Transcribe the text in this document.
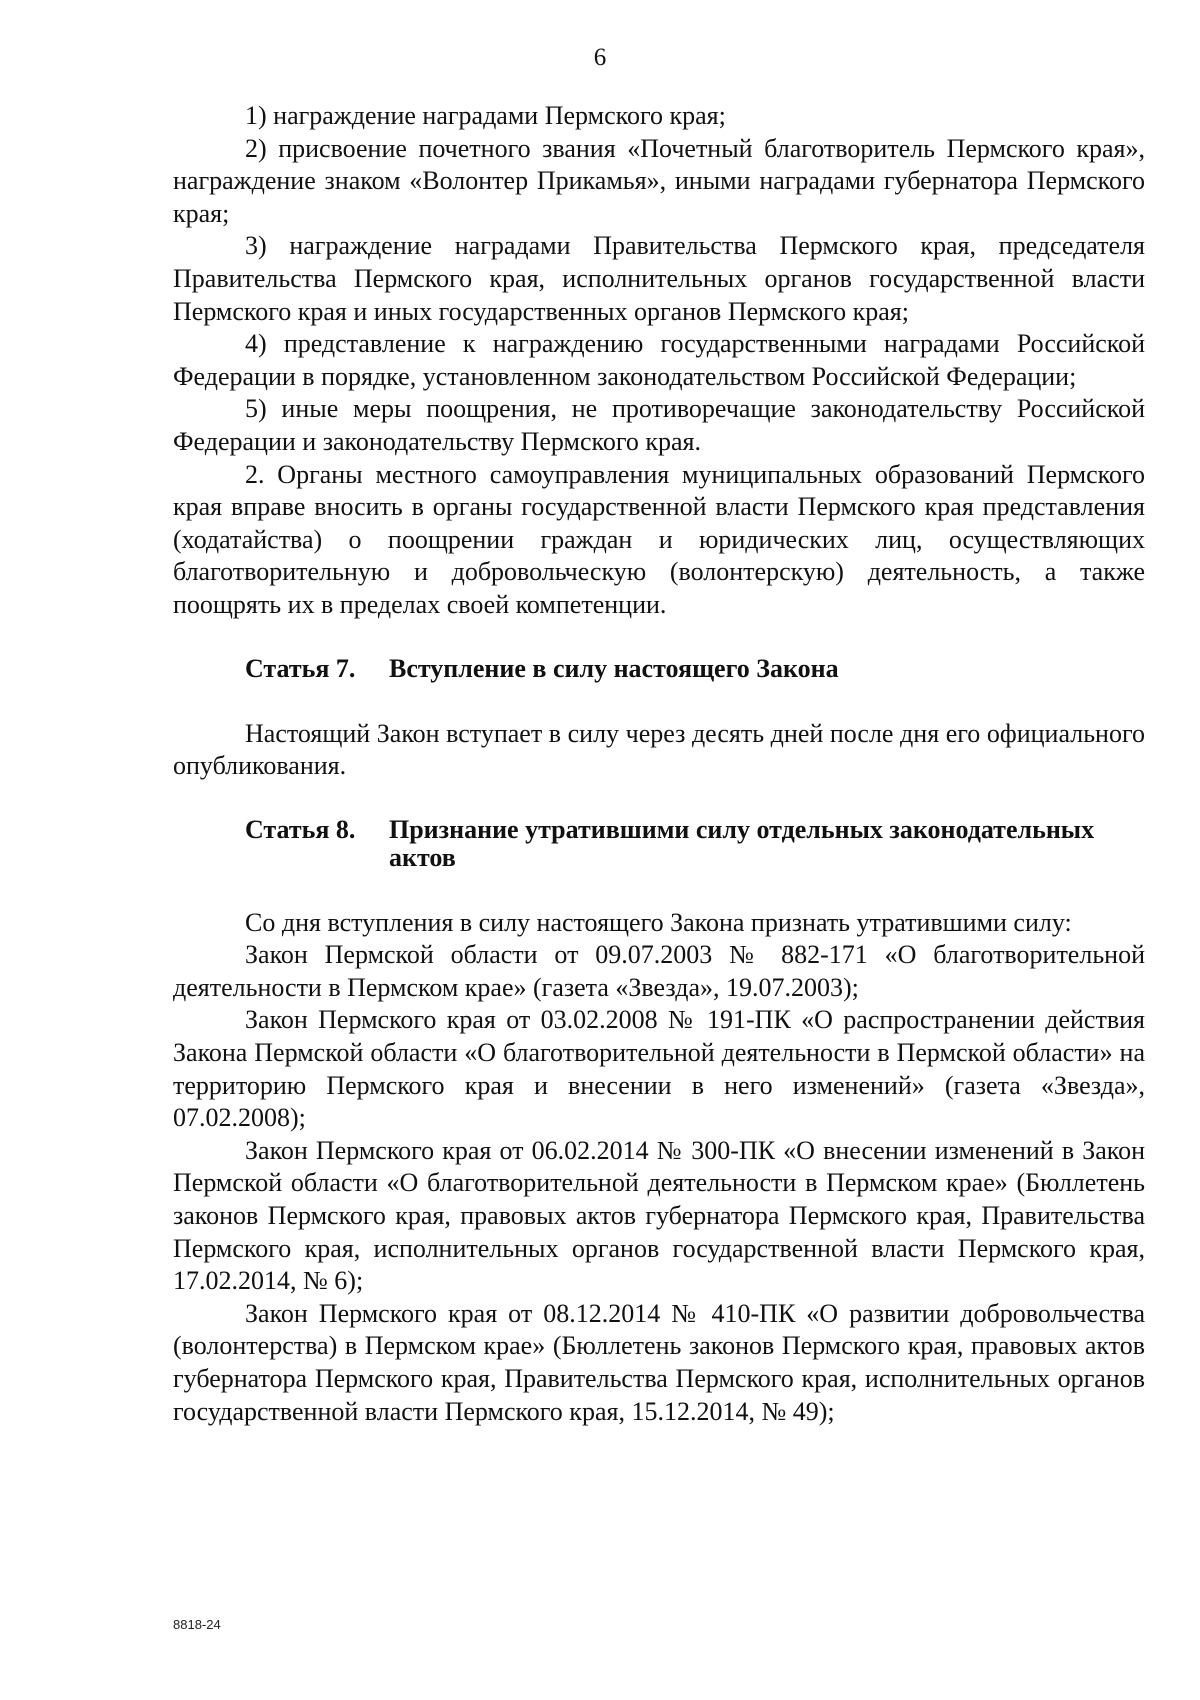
6

1) награждение наградами Пермского края;

2) присвоение почетного звания «Почетный благотворитель Пермского края», награждение знаком «Волонтер Прикамья», иными наградами губернатора Пермского края;

3) награждение наградами Правительства Пермского края, председателя Правительства Пермского края, исполнительных органов государственной власти Пермского края и иных государственных органов Пермского края;

4) представление к награждению государственными наградами Российской Федерации в порядке, установленном законодательством Российской Федерации;

5) иные меры поощрения, не противоречащие законодательству Российской Федерации и законодательству Пермского края.

2. Органы местного самоуправления муниципальных образований Пермского края вправе вносить в органы государственной власти Пермского края представления (ходатайства) о поощрении граждан и юридических лиц, осуществляющих благотворительную и добровольческую (волонтерскую) деятельность, а также поощрять их в пределах своей компетенции.

Статья 7.	Вступление в силу настоящего Закона

Настоящий Закон вступает в силу через десять дней после дня его официального опубликования.

Статья 8.	Признание утратившими силу отдельных законодательных актов

Со дня вступления в силу настоящего Закона признать утратившими силу:

Закон Пермской области от 09.07.2003 № 882-171 «О благотворительной деятельности в Пермском крае» (газета «Звезда», 19.07.2003);

Закон Пермского края от 03.02.2008 № 191-ПК «О распространении действия Закона Пермской области «О благотворительной деятельности в Пермской области» на территорию Пермского края и внесении в него изменений» (газета «Звезда», 07.02.2008);

Закон Пермского края от 06.02.2014 № 300-ПК «О внесении изменений в Закон Пермской области «О благотворительной деятельности в Пермском крае» (Бюллетень законов Пермского края, правовых актов губернатора Пермского края, Правительства Пермского края, исполнительных органов государственной власти Пермского края, 17.02.2014, № 6);

Закон Пермского края от 08.12.2014 № 410-ПК «О развитии добровольчества (волонтерства) в Пермском крае» (Бюллетень законов Пермского края, правовых актов губернатора Пермского края, Правительства Пермского края, исполнительных органов государственной власти Пермского края, 15.12.2014, № 49);

8818-24
